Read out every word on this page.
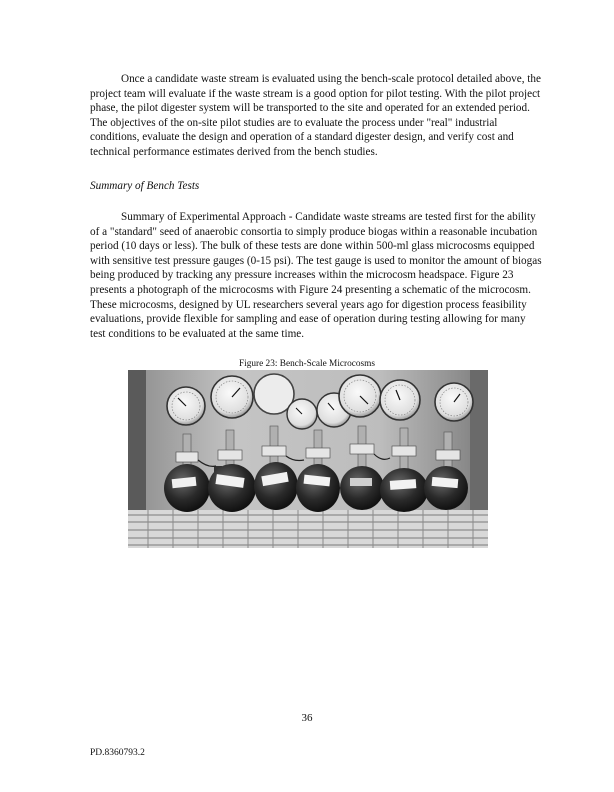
Once a candidate waste stream is evaluated using the bench-scale protocol detailed above, the project team will evaluate if the waste stream is a good option for pilot testing. With the pilot project phase, the pilot digester system will be transported to the site and operated for an extended period. The objectives of the on-site pilot studies are to evaluate the process under "real" industrial conditions, evaluate the design and operation of a standard digester design, and verify cost and technical performance estimates derived from the bench studies.

Summary of Bench Tests

Summary of Experimental Approach - Candidate waste streams are tested first for the ability of a "standard" seed of anaerobic consortia to simply produce biogas within a reasonable incubation period (10 days or less). The bulk of these tests are done within 500-ml glass microcosms equipped with sensitive test pressure gauges (0-15 psi). The test gauge is used to monitor the amount of biogas being produced by tracking any pressure increases within the microcosm headspace. Figure 23 presents a photograph of the microcosms with Figure 24 presenting a schematic of the microcosm. These microcosms, designed by UL researchers several years ago for digestion process feasibility evaluations, provide flexible for sampling and ease of operation during testing allowing for many test conditions to be evaluated at the same time.

Figure 23: Bench-Scale Microcosms

36

PD.8360793.2
